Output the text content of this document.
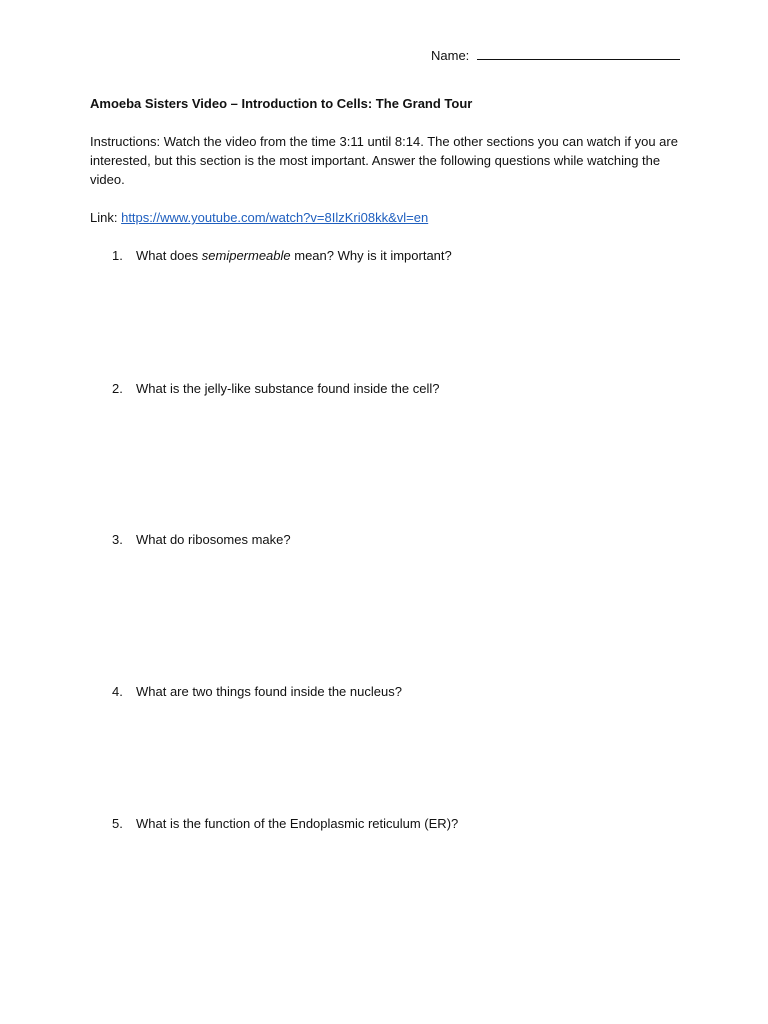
Name:
Amoeba Sisters Video – Introduction to Cells: The Grand Tour
Instructions: Watch the video from the time 3:11 until 8:14. The other sections you can watch if you are interested, but this section is the most important. Answer the following questions while watching the video.
Link: https://www.youtube.com/watch?v=8IlzKri08kk&vl=en
1. What does semipermeable mean? Why is it important?
2. What is the jelly-like substance found inside the cell?
3. What do ribosomes make?
4. What are two things found inside the nucleus?
5. What is the function of the Endoplasmic reticulum (ER)?
